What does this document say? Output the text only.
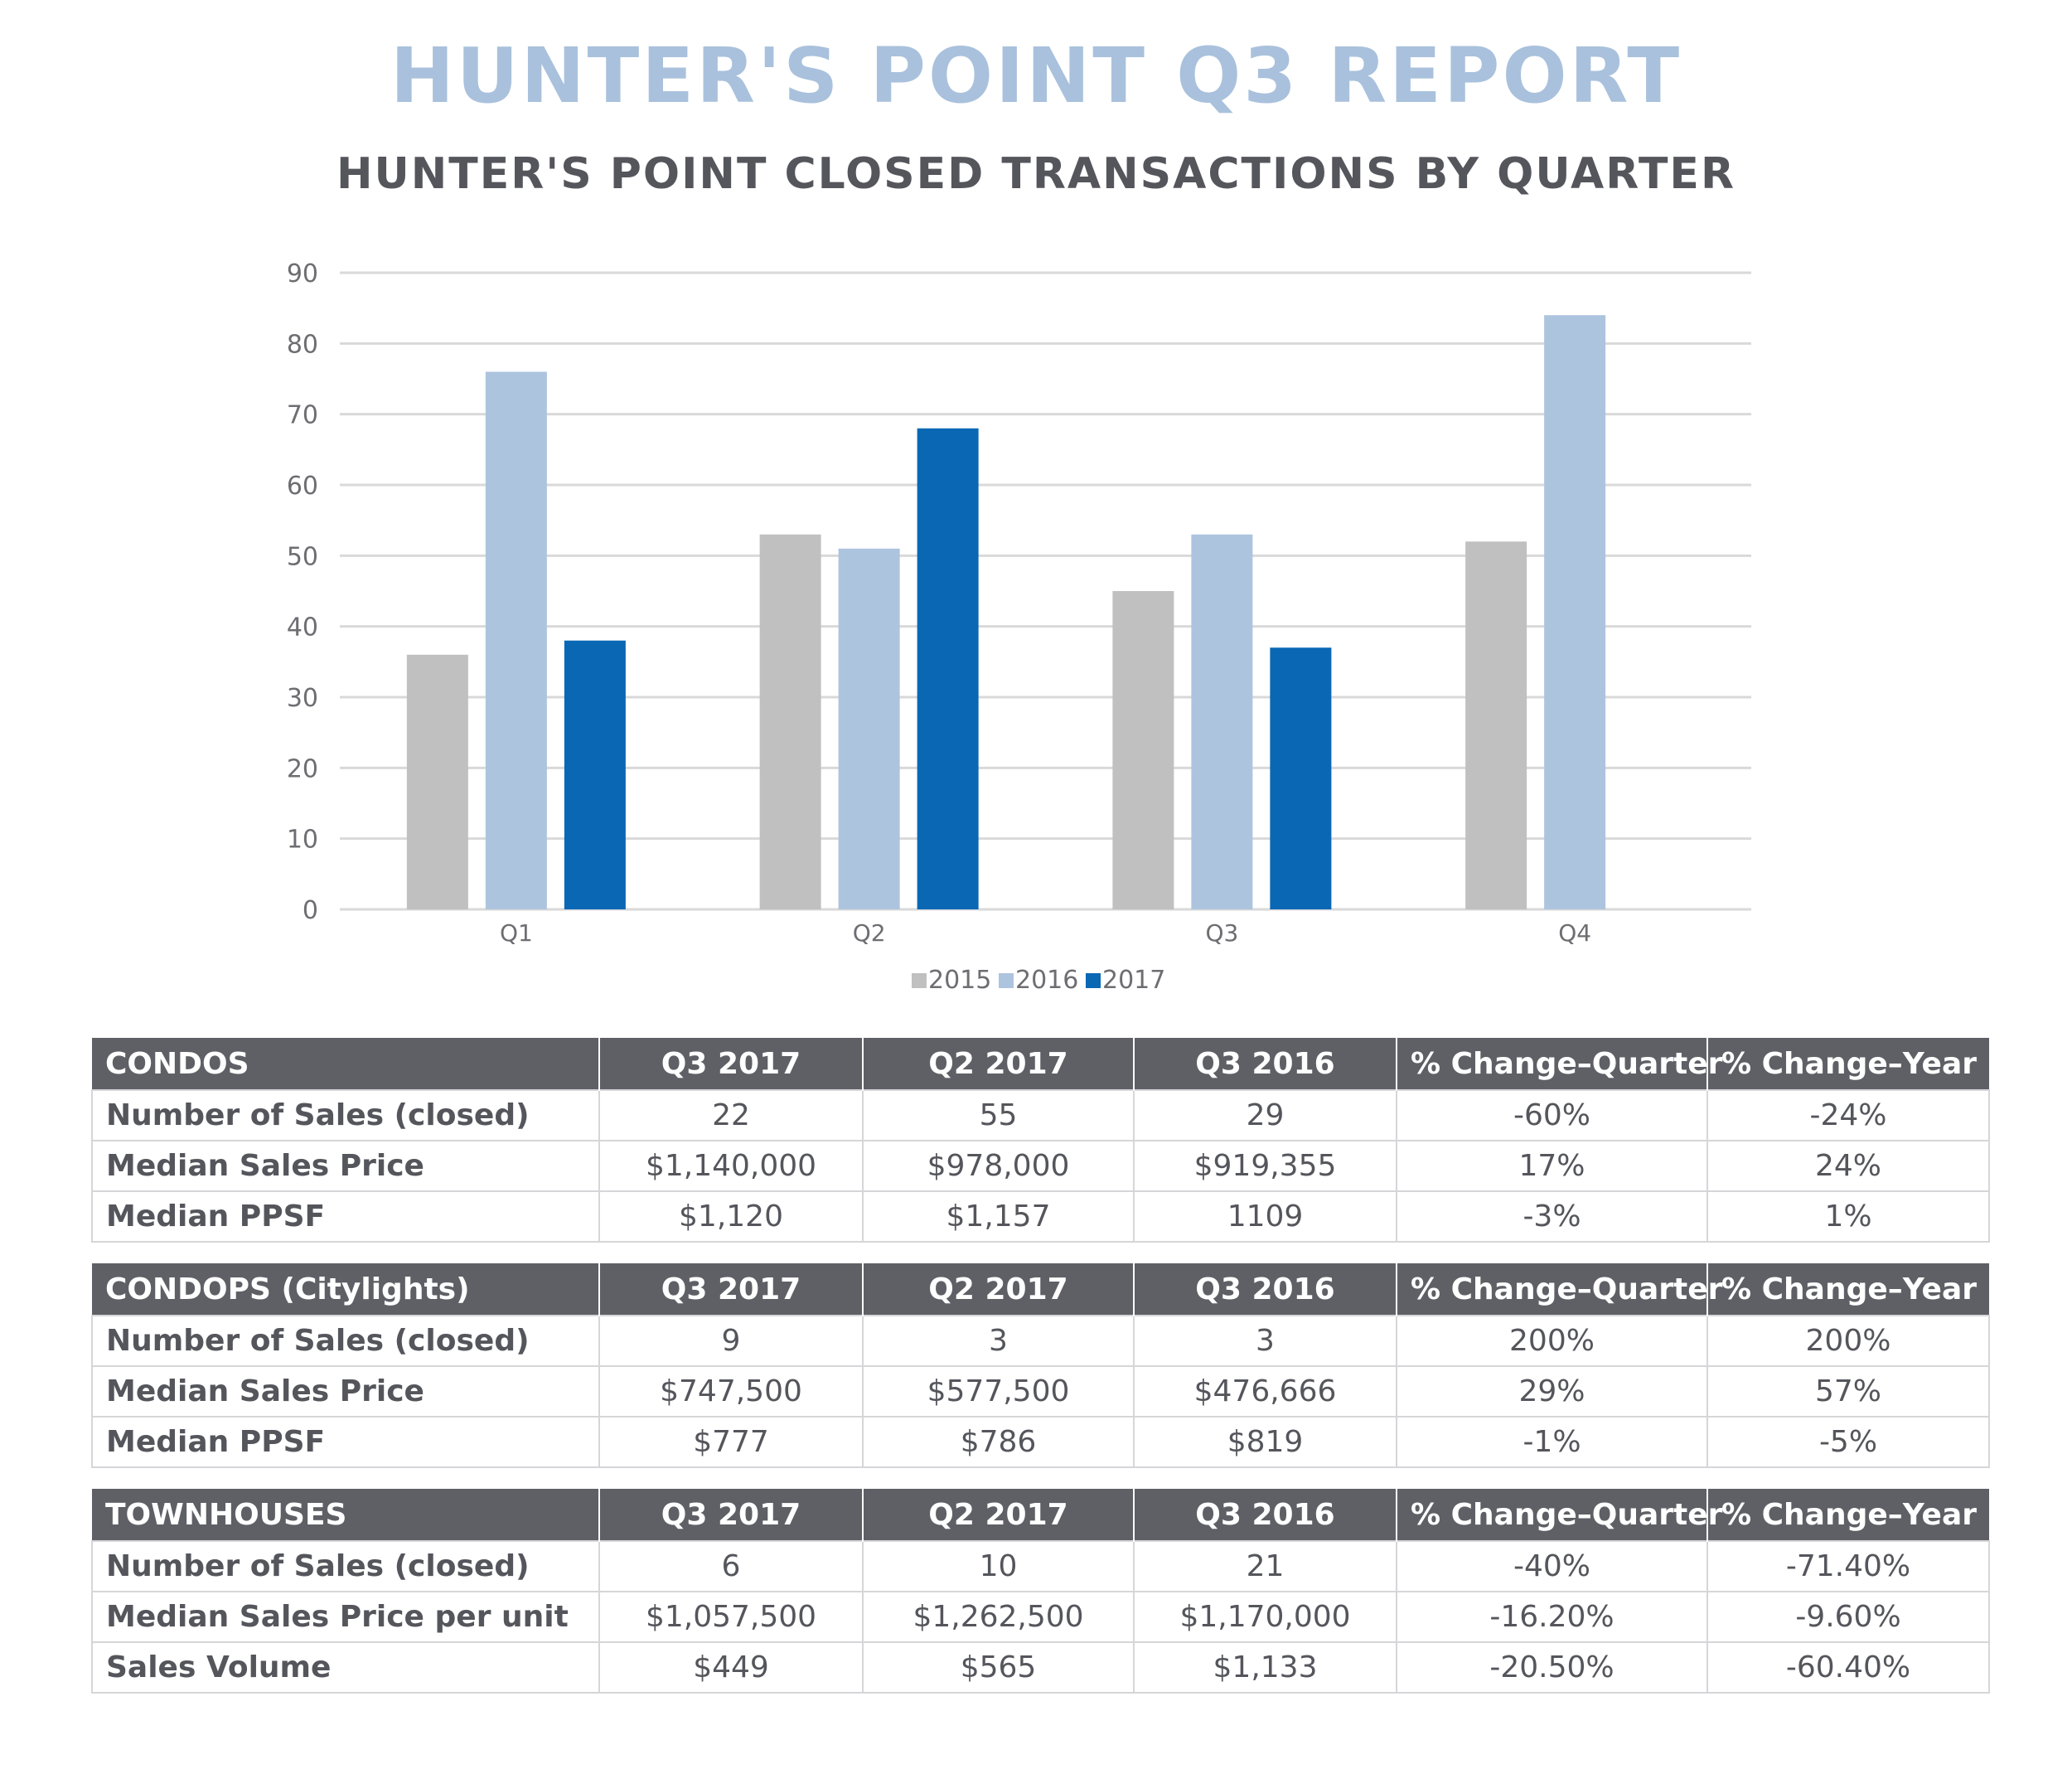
HUNTER'S POINT Q3 REPORT
HUNTER'S POINT CLOSED TRANSACTIONS BY QUARTER
0
10
20
30
40
50
60
70
80
90
Q1	Q2	Q3	Q4
2015 2016 2017
CONDOS	Q3 2017	Q2 2017	Q3 2016	% Change–Quarter	% Change–Year
Number of Sales (closed)	22	55	29	-60%	-24%
Median Sales Price	$1,140,000	$978,000	$919,355	17%	24%
Median PPSF	$1,120	$1,157	1109	-3%	1%
CONDOPS (Citylights)	Q3 2017	Q2 2017	Q3 2016	% Change–Quarter	% Change–Year
Number of Sales (closed)	9	3	3	200%	200%
Median Sales Price	$747,500	$577,500	$476,666	29%	57%
Median PPSF	$777	$786	$819	-1%	-5%
TOWNHOUSES	Q3 2017	Q2 2017	Q3 2016	% Change–Quarter	% Change–Year
Number of Sales (closed)	6	10	21	-40%	-71.40%
Median Sales Price per unit	$1,057,500	$1,262,500	$1,170,000	-16.20%	-9.60%
Sales Volume	$449	$565	$1,133	-20.50%	-60.40%
